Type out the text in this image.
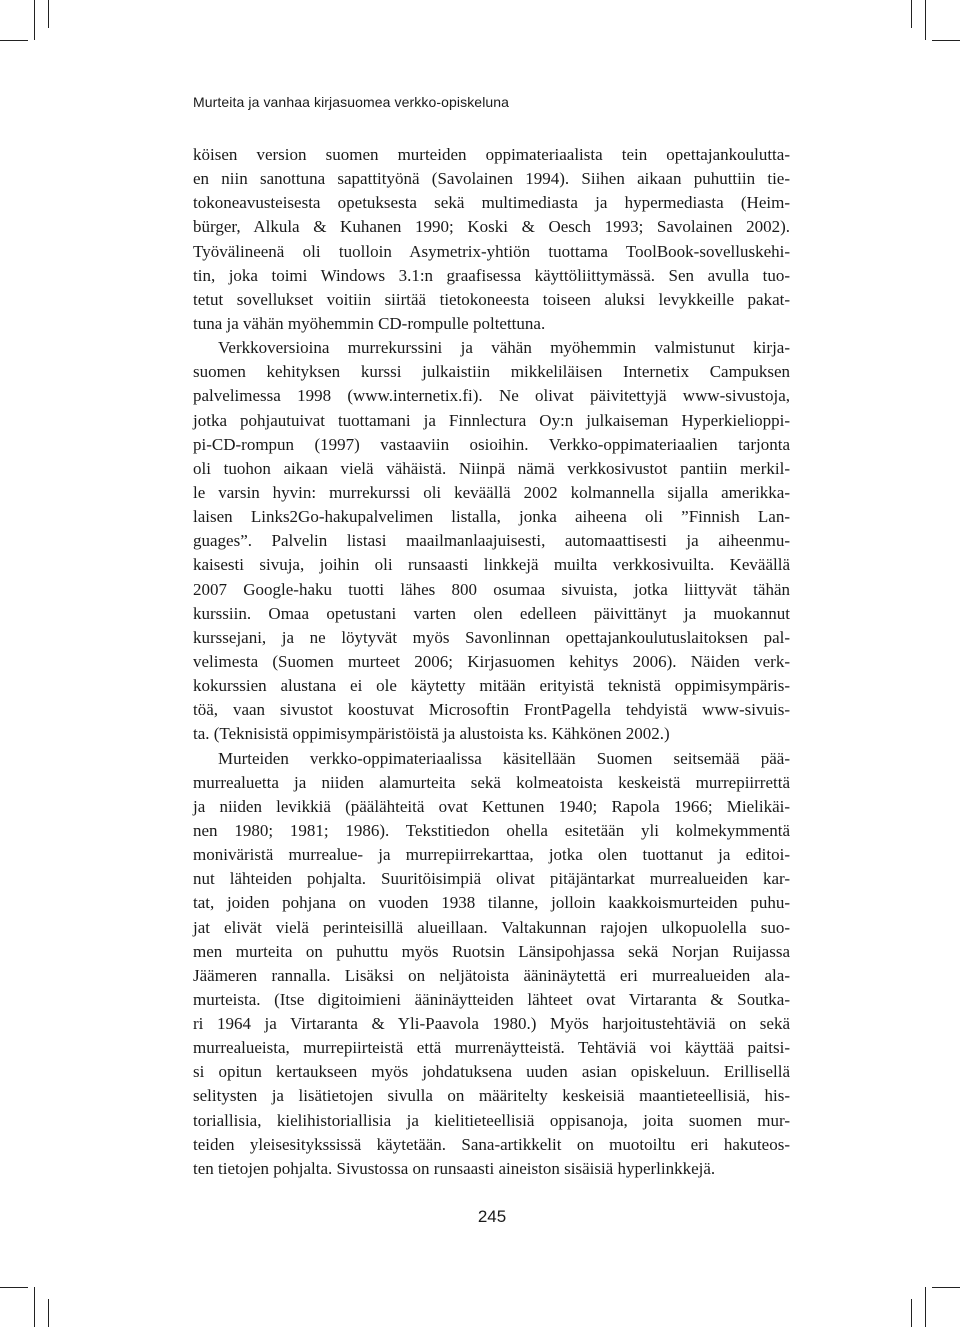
Murteita ja vanhaa kirjasuomea verkko-opiskeluna
köisen version suomen murteiden oppimateriaalista tein opettajankoulutta-
en niin sanottuna sapattityönä (Savolainen 1994). Siihen aikaan puhuttiin tie-
tokoneavusteisesta opetuksesta sekä multimediasta ja hypermediasta (Heim-
bürger, Alkula & Kuhanen 1990; Koski & Oesch 1993; Savolainen 2002).
Työvälineenä oli tuolloin Asymetrix-yhtiön tuottama ToolBook-sovelluskehi-
tin, joka toimi Windows 3.1:n graafisessa käyttöliittymässä. Sen avulla tuo-
tetut sovellukset voitiin siirtää tietokoneesta toiseen aluksi levykkeille pakat-
tuna ja vähän myöhemmin CD-rompulle poltettuna.
Verkkoversioina murrekurssini ja vähän myöhemmin valmistunut kirja-
suomen kehityksen kurssi julkaistiin mikkeliläisen Internetix Campuksen
palvelimessa 1998 (www.internetix.fi). Ne olivat päivitettyjä www-sivustoja,
jotka pohjautuivat tuottamani ja Finnlectura Oy:n julkaiseman Hyperkielioppi-
pi-CD-rompun (1997) vastaaviin osioihin. Verkko-oppimateriaalien tarjonta
oli tuohon aikaan vielä vähäistä. Niinpä nämä verkkosivustot pantiin merkil-
le varsin hyvin: murrekurssi oli keväällä 2002 kolmannella sijalla amerikka-
laisen Links2Go-hakupalvelimen listalla, jonka aiheena oli ”Finnish Lan-
guages”. Palvelin listasi maailmanlaajuisesti, automaattisesti ja aiheenmu-
kaisesti sivuja, joihin oli runsaasti linkkejä muilta verkkosivuilta. Keväällä
2007 Google-haku tuotti lähes 800 osumaa sivuista, jotka liittyvät tähän
kurssiin. Omaa opetustani varten olen edelleen päivittänyt ja muokannut
kurssejani, ja ne löytyvät myös Savonlinnan opettajankoulutuslaitoksen pal-
velimesta (Suomen murteet 2006; Kirjasuomen kehitys 2006). Näiden verk-
kokurssien alustana ei ole käytetty mitään erityistä teknistä oppimisympäris-
töä, vaan sivustot koostuvat Microsoftin FrontPagella tehdyistä www-sivuis-
ta. (Teknisistä oppimisympäristöistä ja alustoista ks. Kähkönen 2002.)
Murteiden verkko-oppimateriaalissa käsitellään Suomen seitsemää pää-
murrealuetta ja niiden alamurteita sekä kolmeatoista keskeistä murrepiirrettä
ja niiden levikkiä (päälähteitä ovat Kettunen 1940; Rapola 1966; Mielikäi-
nen 1980; 1981; 1986). Tekstitiedon ohella esitetään yli kolmekymmentä
moniväristä murrealue- ja murrepiirrekarttaa, jotka olen tuottanut ja editoi-
nut lähteiden pohjalta. Suuritöisimpiä olivat pitäjäntarkat murrealueiden kar-
tat, joiden pohjana on vuoden 1938 tilanne, jolloin kaakkoismurteiden puhu-
jat elivät vielä perinteisillä alueillaan. Valtakunnan rajojen ulkopuolella suo-
men murteita on puhuttu myös Ruotsin Länsipohjassa sekä Norjan Ruijassa
Jäämeren rannalla. Lisäksi on neljätoista ääninäytettä eri murrealueiden ala-
murteista. (Itse digitoimieni ääninäytteiden lähteet ovat Virtaranta & Soutka-
ri 1964 ja Virtaranta & Yli-Paavola 1980.) Myös harjoitustehtäviä on sekä
murrealueista, murrepiirteistä että murrenäytteistä. Tehtäviä voi käyttää paitsi-
si opitun kertaukseen myös johdatuksena uuden asian opiskeluun. Erillisellä
selitysten ja lisätietojen sivulla on määritelty keskeisiä maantieteellisiä, his-
toriallisia, kielihistoriallisia ja kielitieteellisiä oppisanoja, joita suomen mur-
teiden yleisesitykssissä käytetään. Sana-artikkelit on muotoiltu eri hakuteos-
ten tietojen pohjalta. Sivustossa on runsaasti aineiston sisäisiä hyperlinkkejä.
245
